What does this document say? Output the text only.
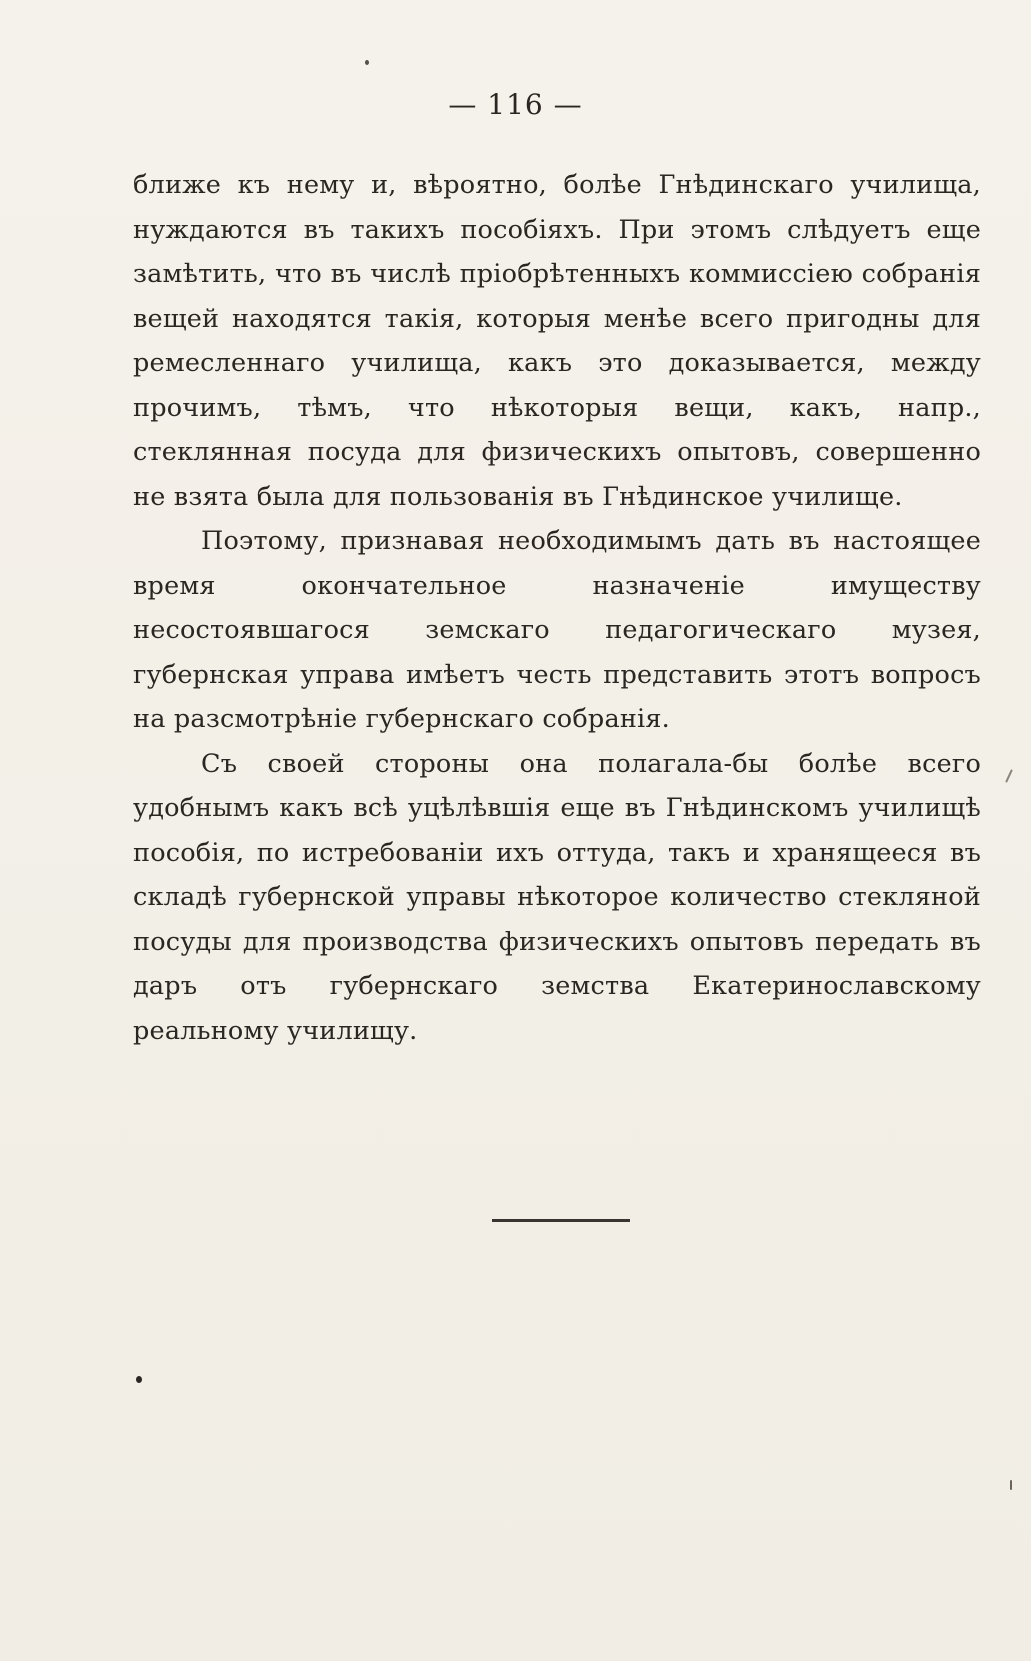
— 116 —

ближе къ нему и, вѣроятно, болѣе Гнѣдинскаго училища, нуждаются въ такихъ пособіяхъ. При этомъ слѣдуетъ еще замѣтить, что въ числѣ пріобрѣтенныхъ коммиссіею собранія вещей находятся такія, которыя менѣе всего пригодны для ремесленнаго училища, какъ это доказывается, между прочимъ, тѣмъ, что нѣкоторыя вещи, какъ, напр., стеклянная посуда для физическихъ опытовъ, совершенно не взята была для пользованія въ Гнѣдинское училище.

Поэтому, признавая необходимымъ дать въ настоящее время окончательное назначеніе имуществу несостоявшагося земскаго педагогическаго музея, губернская управа имѣетъ честь представить этотъ вопросъ на разсмотрѣніе губернскаго собранія.

Съ своей стороны она полагала-бы болѣе всего удобнымъ какъ всѣ уцѣлѣвшія еще въ Гнѣдинскомъ училищѣ пособія, по истребованіи ихъ оттуда, такъ и хранящееся въ складѣ губернской управы нѣкоторое количество стекляной посуды для производства физическихъ опытовъ передать въ даръ отъ губернскаго земства Екатеринославскому реальному училищу.
